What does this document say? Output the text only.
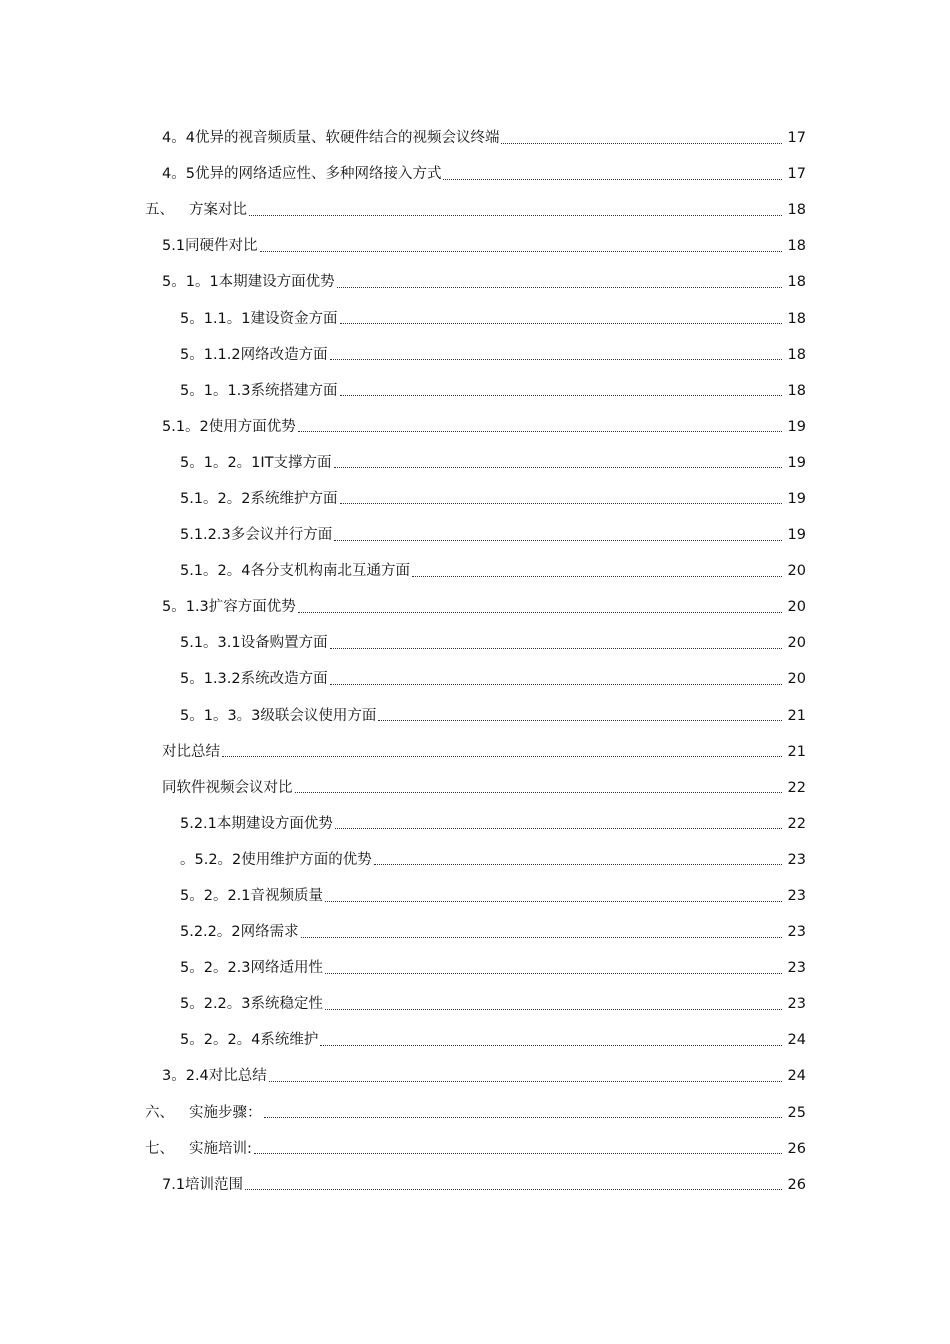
4。4优异的视音频质量、软硬件结合的视频会议终端	17
4。5优异的网络适应性、多种网络接入方式	17
五、 方案对比	18
5.1同硬件对比	18
5。1。1本期建设方面优势	18
5。1.1。1建设资金方面	18
5。1.1.2网络改造方面	18
5。1。1.3系统搭建方面	18
5.1。2使用方面优势	19
5。1。2。1IT支撑方面	19
5.1。2。2系统维护方面	19
5.1.2.3多会议并行方面	19
5.1。2。4各分支机构南北互通方面	20
5。1.3扩容方面优势	20
5.1。3.1设备购置方面	20
5。1.3.2系统改造方面	20
5。1。3。3级联会议使用方面	21
对比总结	21
同软件视频会议对比	22
5.2.1本期建设方面优势	22
。5.2。2使用维护方面的优势	23
5。2。2.1音视频质量	23
5.2.2。2网络需求	23
5。2。2.3网络适用性	23
5。2.2。3系统稳定性	23
5。2。2。4系统维护	24
3。2.4对比总结	24
六、 实施步骤：	25
七、 实施培训:	26
7.1培训范围	26
